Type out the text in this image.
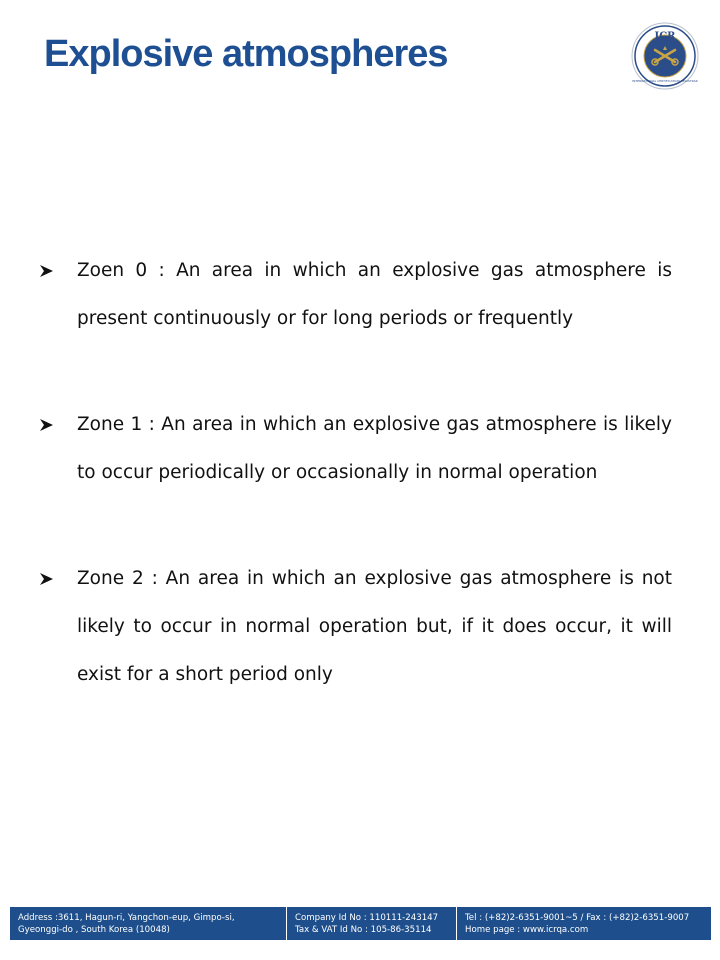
Explosive atmospheres	ICR
INTERNATIONAL CERTIFICATION REGISTRAR
Zoen 0 : An area in which an explosive gas atmosphere is present continuously or for long periods or frequently
Zone 1 : An area in which an explosive gas atmosphere is likely to occur periodically or occasionally in normal operation
Zone 2 : An area in which an explosive gas atmosphere is not likely to occur in normal operation but, if it does occur, it will exist for a short period only
Address :3611, Hagun-ri, Yangchon-eup, Gimpo-si,
Gyeonggi-do , South Korea (10048)
Company Id No : 110111-243147
Tax & VAT Id No : 105-86-35114
Tel : (+82)2-6351-9001~5 / Fax : (+82)2-6351-9007
Home page : www.icrqa.com
